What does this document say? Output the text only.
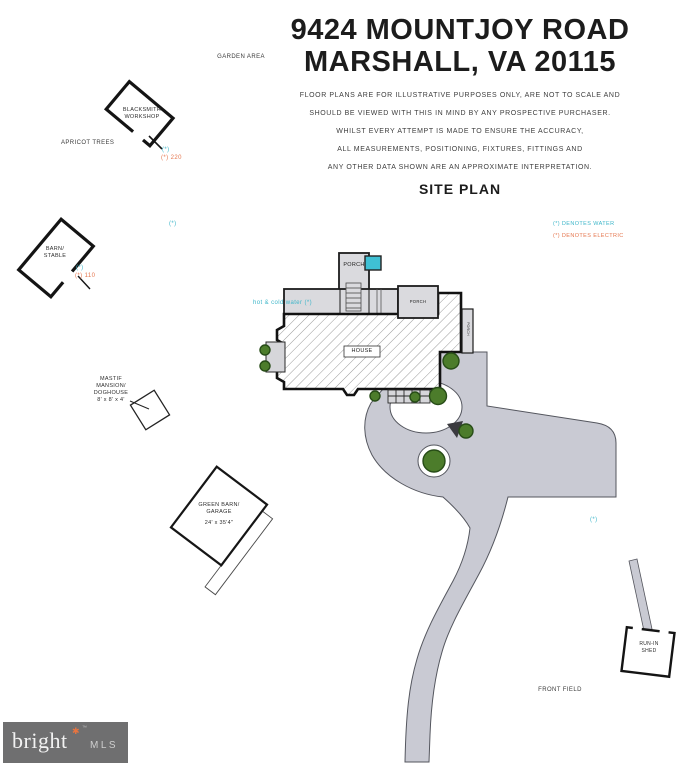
9424 MOUNTJOY ROAD
MARSHALL, VA 20115
FLOOR PLANS ARE FOR ILLUSTRATIVE PURPOSES ONLY, ARE NOT TO SCALE AND
SHOULD BE VIEWED WITH THIS IN MIND BY ANY PROSPECTIVE PURCHASER.
WHILST EVERY ATTEMPT IS MADE TO ENSURE THE ACCURACY,
ALL MEASUREMENTS, POSITIONING, FIXTURES, FITTINGS AND
ANY OTHER DATA SHOWN ARE AN APPROXIMATE INTERPRETATION.
SITE PLAN
(*) DENOTES WATER
(*) DENOTES ELECTRIC
GARDEN AREA
APRICOT TREES
FRONT FIELD
hot & cold water (*)
(*)
(*) 220
(*)
(*)
(*) 110
(*)
BLACKSMITH
WORKSHOP
BARN/
STABLE
MASTIF
MANSION/
DOGHOUSE
8' x 8' x 4'
GREEN BARN/
GARAGE
24' x 35'4"
RUN-IN
SHED
HOUSE
PORCH
PORCH
PORCH
bright ✱ ™
MLS
